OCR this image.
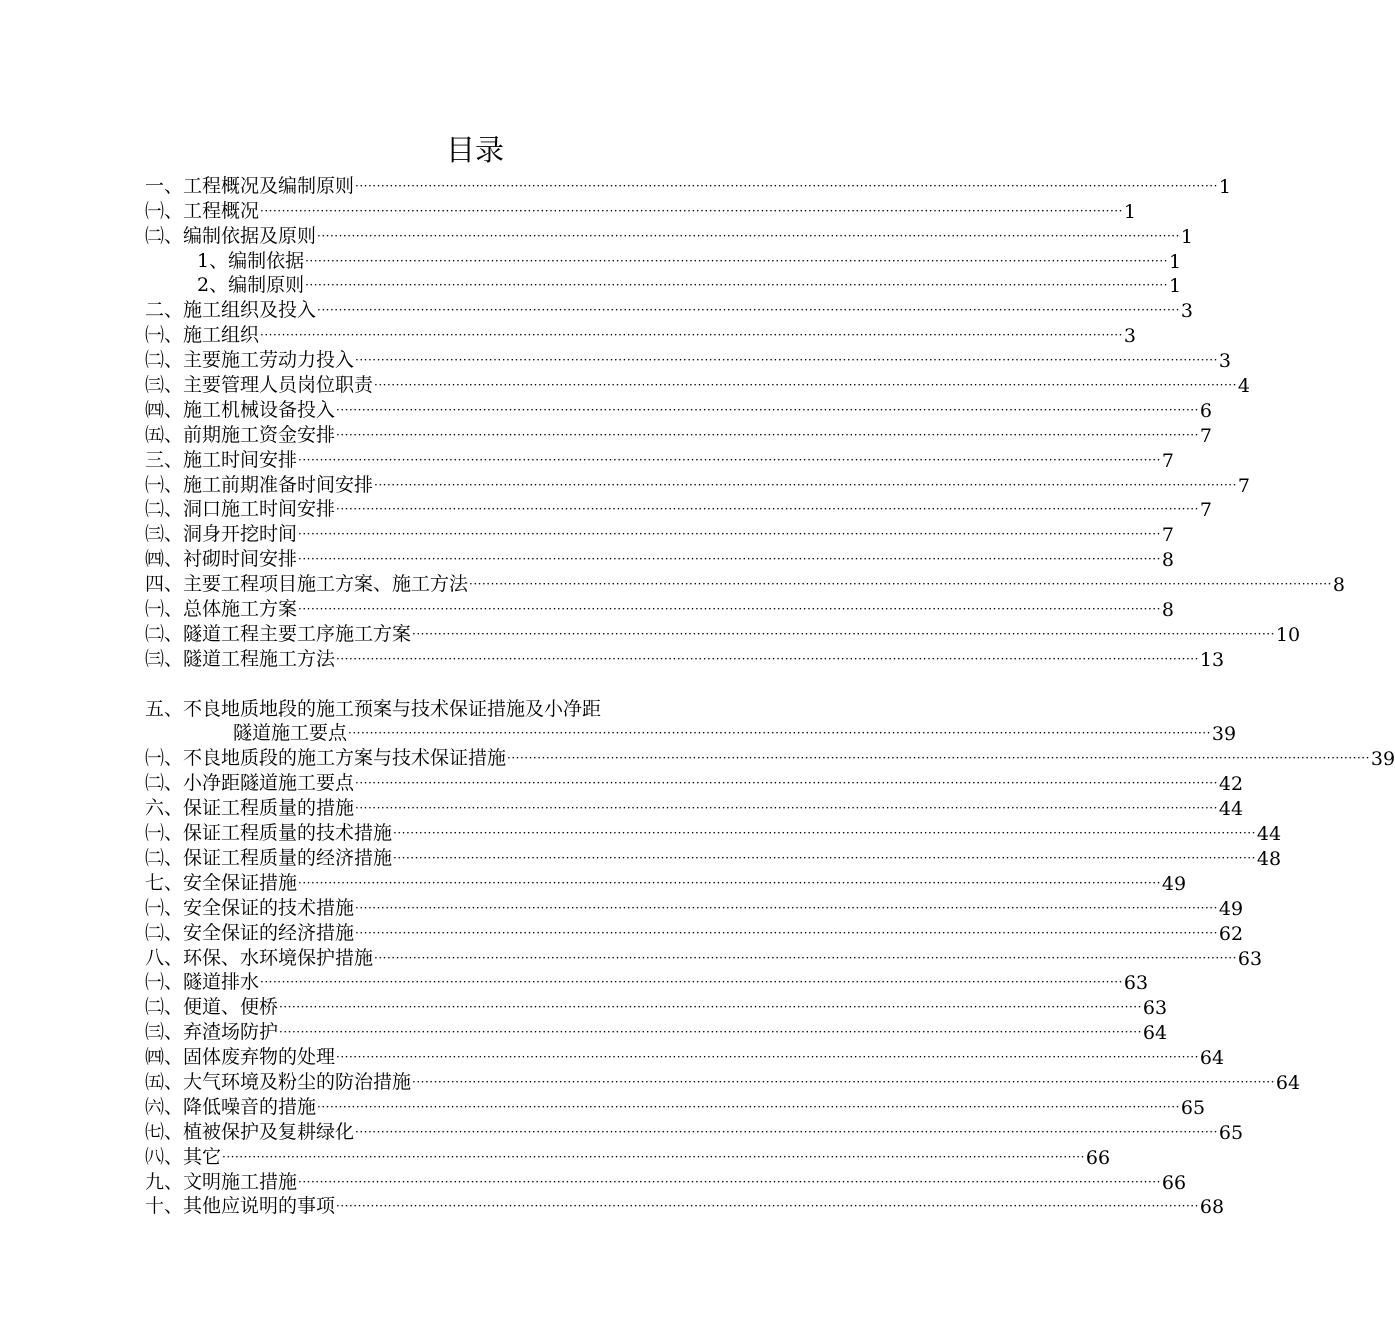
目录
一、工程概况及编制原则 ········································································································································································································ 1
㈠、工程概况 ········································································································································································································ 1
㈡、编制依据及原则 ········································································································································································································ 1
1、编制依据 ········································································································································································································ 1
2、编制原则 ········································································································································································································ 1
二、施工组织及投入 ········································································································································································································ 3
㈠、施工组织 ········································································································································································································ 3
㈡、主要施工劳动力投入 ········································································································································································································ 3
㈢、主要管理人员岗位职责 ········································································································································································································ 4
㈣、施工机械设备投入 ········································································································································································································ 6
㈤、前期施工资金安排 ········································································································································································································ 7
三、施工时间安排 ········································································································································································································ 7
㈠、施工前期准备时间安排 ········································································································································································································ 7
㈡、洞口施工时间安排 ········································································································································································································ 7
㈢、洞身开挖时间 ········································································································································································································ 7
㈣、衬砌时间安排 ········································································································································································································ 8
四、主要工程项目施工方案、施工方法 ········································································································································································································ 8
㈠、总体施工方案 ········································································································································································································ 8
㈡、隧道工程主要工序施工方案 ········································································································································································································ 10
㈢、隧道工程施工方法 ········································································································································································································ 13
五、不良地质地段的施工预案与技术保证措施及小净距
隧道施工要点 ········································································································································································································ 39
㈠、不良地质段的施工方案与技术保证措施 ········································································································································································································ 39
㈡、小净距隧道施工要点 ········································································································································································································ 42
六、保证工程质量的措施 ········································································································································································································ 44
㈠、保证工程质量的技术措施 ········································································································································································································ 44
㈡、保证工程质量的经济措施 ········································································································································································································ 48
七、安全保证措施 ········································································································································································································ 49
㈠、安全保证的技术措施 ········································································································································································································ 49
㈡、安全保证的经济措施 ········································································································································································································ 62
八、环保、水环境保护措施 ········································································································································································································ 63
㈠、隧道排水 ········································································································································································································ 63
㈡、便道、便桥 ········································································································································································································ 63
㈢、弃渣场防护 ········································································································································································································ 64
㈣、固体废弃物的处理 ········································································································································································································ 64
㈤、大气环境及粉尘的防治措施 ········································································································································································································ 64
㈥、降低噪音的措施 ········································································································································································································ 65
㈦、植被保护及复耕绿化 ········································································································································································································ 65
㈧、其它 ········································································································································································································ 66
九、文明施工措施 ········································································································································································································ 66
十、其他应说明的事项 ········································································································································································································ 68
